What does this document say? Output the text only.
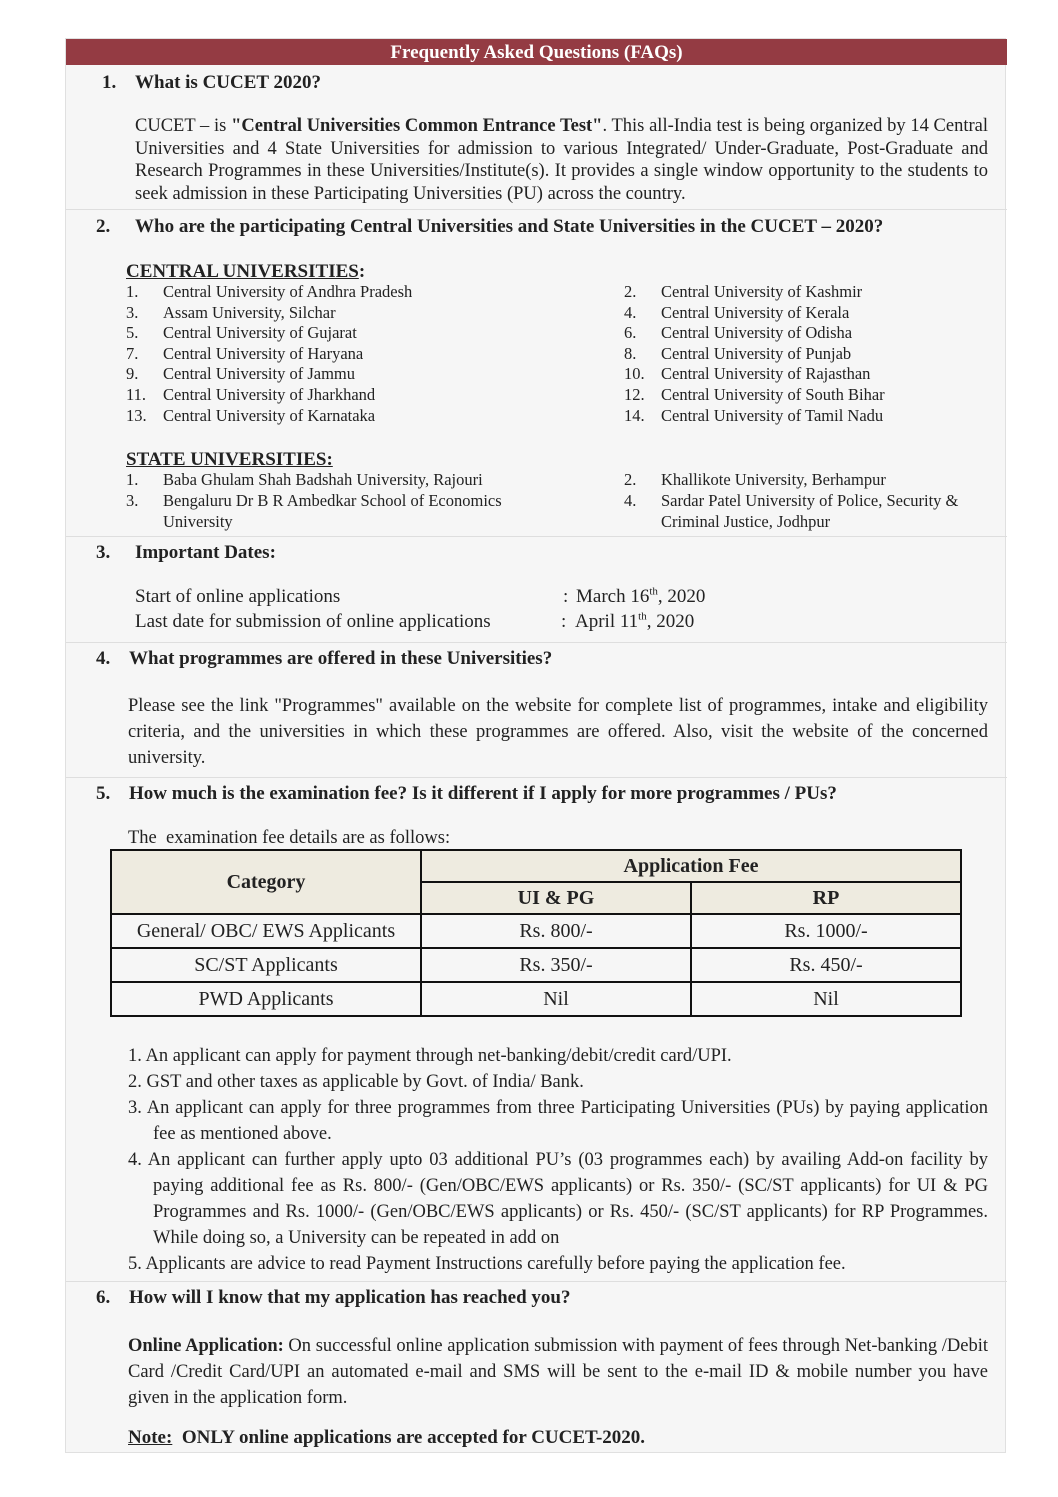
Frequently Asked Questions (FAQs)
1. What is CUCET 2020?
CUCET – is "Central Universities Common Entrance Test". This all-India test is being organized by 14 Central Universities and 4 State Universities for admission to various Integrated/ Under-Graduate, Post-Graduate and Research Programmes in these Universities/Institute(s). It provides a single window opportunity to the students to seek admission in these Participating Universities (PU) across the country.
2. Who are the participating Central Universities and State Universities in the CUCET – 2020?
CENTRAL UNIVERSITIES:
STATE UNIVERSITIES:
1. Baba Ghulam Shah Badshah University, Rajouri	2. Khallikote University, Berhampur
3.	Bengaluru Dr B R Ambedkar School of Economics University
4.	Sardar Patel University of Police, Security & Criminal Justice, Jodhpur
3. Important Dates:
Start of online applications	: March 16th, 2020
Last date for submission of online applications	: April 11th, 2020
4. What programmes are offered in these Universities?
Please see the link "Programmes" available on the website for complete list of programmes, intake and eligibility criteria, and the universities in which these programmes are offered. Also, visit the website of the concerned university.
5. How much is the examination fee? Is it different if I apply for more programmes / PUs?
The  examination fee details are as follows:
Category	Application Fee	
	UI & PG	RP
General/ OBC/ EWS Applicants	Rs. 800/-	Rs. 1000/-
SC/ST Applicants	Rs. 350/-	Rs. 450/-
PWD Applicants	Nil	Nil
1. An applicant can apply for payment through net-banking/debit/credit card/UPI.
2. GST and other taxes as applicable by Govt. of India/ Bank.
3. An applicant can apply for three programmes from three Participating Universities (PUs) by paying application fee as mentioned above.
4. An applicant can further apply upto 03 additional PU’s (03 programmes each) by availing Add-on facility by paying additional fee as Rs. 800/- (Gen/OBC/EWS applicants) or Rs. 350/- (SC/ST applicants) for UI & PG Programmes and Rs. 1000/- (Gen/OBC/EWS applicants) or Rs. 450/- (SC/ST applicants) for RP Programmes. While doing so, a University can be repeated in add on
5. Applicants are advice to read Payment Instructions carefully before paying the application fee.
6. How will I know that my application has reached you?
Online Application: On successful online application submission with payment of fees through Net-banking /Debit Card /Credit Card/UPI an automated e-mail and SMS will be sent to the e-mail ID & mobile number you have given in the application form.
Note: ONLY online applications are accepted for CUCET-2020.
1. Central University of Andhra Pradesh	2. Central University of Kashmir
3. Assam University, Silchar	4. Central University of Kerala
5. Central University of Gujarat	6. Central University of Odisha
7. Central University of Haryana	8. Central University of Punjab
9. Central University of Jammu	10. Central University of Rajasthan
11. Central University of Jharkhand	12. Central University of South Bihar
13. Central University of Karnataka	14. Central University of Tamil Nadu
